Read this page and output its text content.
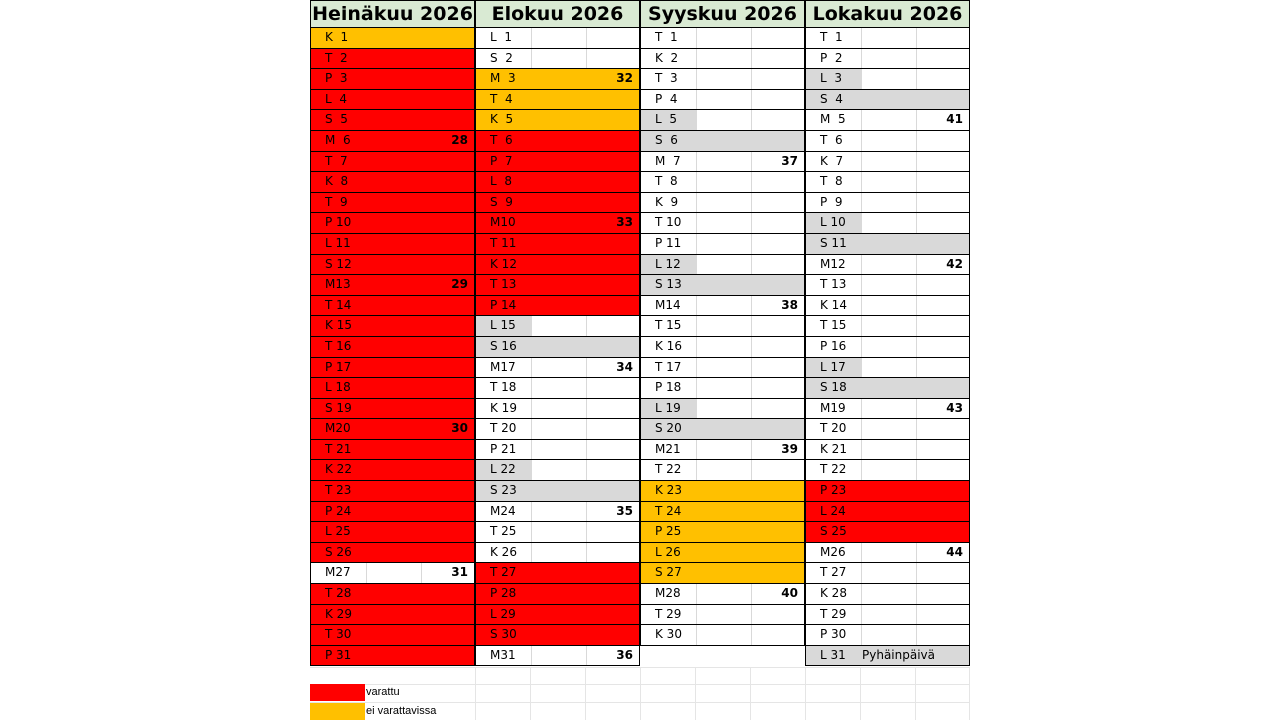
Heinäkuu 2026
K  1
T  2
P  3
L  4
S  5
M  6	28
T  7
K  8
T  9
P 10
L 11
S 12
M13	29
T 14
K 15
T 16
P 17
L 18
S 19
M20	30
T 21
K 22
T 23
P 24
L 25
S 26
M27	31
T 28
K 29
T 30
P 31
Elokuu 2026
L  1
S  2
M  3	32
T  4
K  5
T  6
P  7
L  8
S  9
M10	33
T 11
K 12
T 13
P 14
L 15
S 16
M17	34
T 18
K 19
T 20
P 21
L 22
S 23
M24	35
T 25
K 26
T 27
P 28
L 29
S 30
M31	36
Syyskuu 2026
T  1
K  2
T  3
P  4
L  5
S  6
M  7	37
T  8
K  9
T 10
P 11
L 12
S 13
M14	38
T 15
K 16
T 17
P 18
L 19
S 20
M21	39
T 22
K 23
T 24
P 25
L 26
S 27
M28	40
T 29
K 30
Lokakuu 2026
T  1
P  2
L  3
S  4
M  5	41
T  6
K  7
T  8
P  9
L 10
S 11
M12	42
T 13
K 14
T 15
P 16
L 17
S 18
M19	43
T 20
K 21
T 22
P 23
L 24
S 25
M26	44
T 27
K 28
T 29
P 30
L 31	Pyhäinpäivä
varattu
ei varattavissa
